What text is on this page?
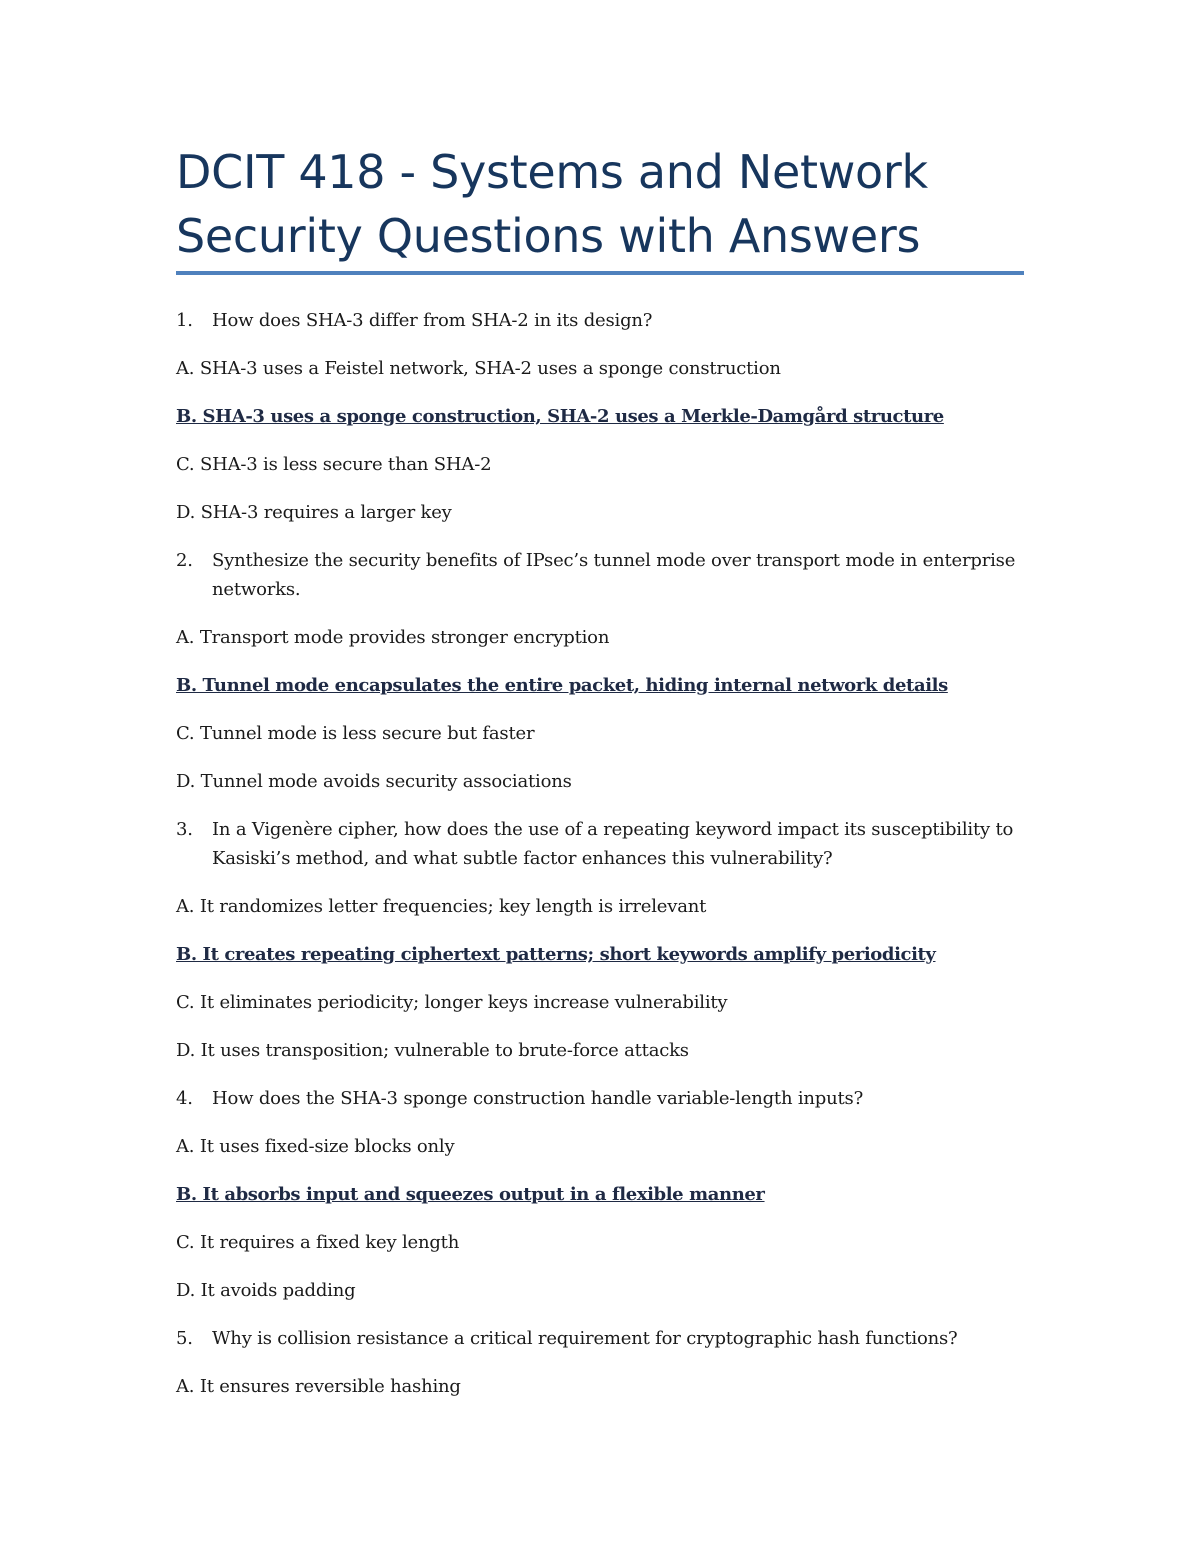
DCIT 418 - Systems and Network
Security Questions with Answers
1. How does SHA-3 differ from SHA-2 in its design?
A. SHA-3 uses a Feistel network, SHA-2 uses a sponge construction
B. SHA-3 uses a sponge construction, SHA-2 uses a Merkle-Damgård structure
C. SHA-3 is less secure than SHA-2
D. SHA-3 requires a larger key
2. Synthesize the security benefits of IPsec’s tunnel mode over transport mode in enterprise networks.
A. Transport mode provides stronger encryption
B. Tunnel mode encapsulates the entire packet, hiding internal network details
C. Tunnel mode is less secure but faster
D. Tunnel mode avoids security associations
3. In a Vigenère cipher, how does the use of a repeating keyword impact its susceptibility to Kasiski’s method, and what subtle factor enhances this vulnerability?
A. It randomizes letter frequencies; key length is irrelevant
B. It creates repeating ciphertext patterns; short keywords amplify periodicity
C. It eliminates periodicity; longer keys increase vulnerability
D. It uses transposition; vulnerable to brute-force attacks
4. How does the SHA-3 sponge construction handle variable-length inputs?
A. It uses fixed-size blocks only
B. It absorbs input and squeezes output in a flexible manner
C. It requires a fixed key length
D. It avoids padding
5. Why is collision resistance a critical requirement for cryptographic hash functions?
A. It ensures reversible hashing
